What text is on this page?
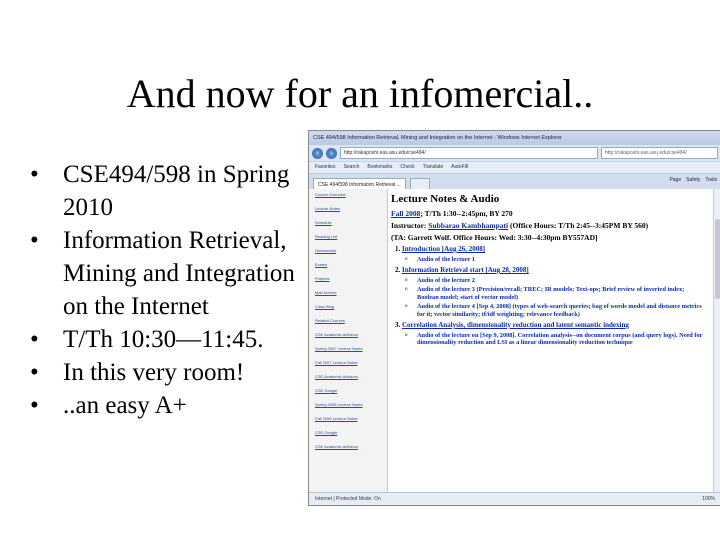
And now for an infomercial..
• CSE494/598 in Spring 2010
• Information Retrieval, Mining and Integration on the Internet
• T/Th 10:30—11:45.
• In this very room!
• ..an easy A+
CSE 494/598 Information Retrieval, Mining and Integration on the Internet - Windows Internet Explorer
‹	›	http://rakaposhi.eas.asu.edu/cse494/	http://rakaposhi.eas.asu.edu/cse494/
Favorites Search Bookmarks Check Translate AutoFill
CSE 494/598 Information Retrieval ...
Page Safety Tools
Course Overview
Lecture Notes
Schedule
Reading List
Homeworks
Exams
Projects
Mail Archive
Class Blog
Related Courses
CSE Academic Advisors
Spring 2007 Lecture Notes
Fall 2007 Lecture Notes
CSE Academic Advisors
CSE Google
Spring 2006 Lecture Notes
Fall 2006 Lecture Notes
CSE Google
CSE Academic Advisors
Lecture Notes & Audio
Fall 2008; T/Th 1:30--2:45pm, BY 270
Instructor: Subbarao Kambhampati (Office Hours: T/Th 2:45--3:45PM BY 560)
(TA: Garrett Wolf. Office Hours: Wed: 3:30--4:30pm BY557AD]
1. Introduction [Aug 26, 2008]
o Audio of the lecture 1
2. Information Retrieval start [Aug 28, 2008]
o Audio of the lecture 2
o Audio of the lecture 3 (Precision/recall; TREC; IR models; Text-ops; Brief review of inverted index; Boolean model; start of vector model)
o Audio of the lecture 4 [Sep 4, 2008] (types of web-search queries; bag of words model and distance metrics for it; vector similarity; tf/idf weighting; relevance feedback)
3. Correlation Analysis, dimensionality reduction and latent semantic indexing
o Audio of the lecture on [Sep 9, 2008]. Correlation analysis--on document corpus (and query logs). Need for dimensionality reduction and LSI as a linear dimensionality reduction technique
Internet | Protected Mode: On	100%
